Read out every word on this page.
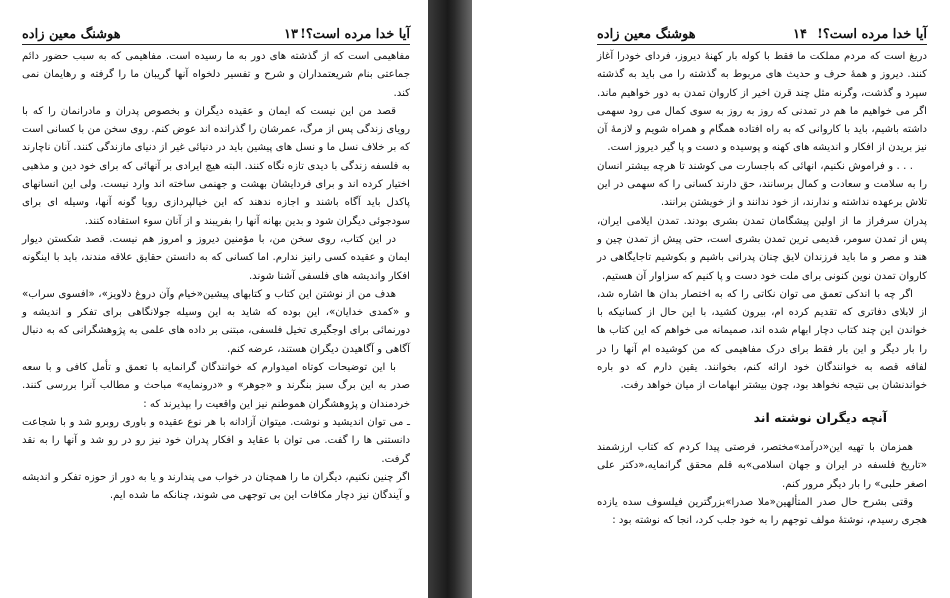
آیا خدا مرده است؟!
۱۳
هوشنگ معین زاده

مفاهیمی است که از گذشته های دور به ما رسیده است. مفاهیمی که به سبب حضور دائم جماعتی بنام شریعتمداران و شرح و تفسیر دلخواه آنها گریبان ما را گرفته و رهایمان نمی کند.

قصد من این نیست که ایمان و عقیده دیگران و بخصوص پدران و مادرانمان را که با رویای زندگی پس از مرگ، عمرشان را گذرانده اند عوض کنم. روی سخن من با کسانی است که بر خلاف نسل ما و نسل های پیشین باید در دنیائی غیر از دنیای مازندگی کنند. آنان ناچارند به فلسفه زندگی با دیدی تازه نگاه کنند. البته هیچ ایرادی بر آنهائی که برای خود دین و مذهبی اختیار کرده اند و برای فردایشان بهشت و جهنمی ساخته اند وارد نیست. ولی این انسانهای پاکدل باید آگاه باشند و اجازه ندهند که این خیالپردازی رویا گونه آنها، وسیله ای برای سودجوئی دیگران شود و بدین بهانه آنها را بفریبند و از آنان سوء استفاده کنند.

در این کتاب، روی سخن من، با مؤمنین دیروز و امروز هم نیست. قصد شکستن دیوار ایمان و عقیده کسی رانیز ندارم. اما کسانی که به دانستن حقایق علاقه مندند، باید با اینگونه افکار واندیشه های فلسفی آشنا شوند.

هدف من از نوشتن این کتاب و کتابهای پیشین«خیام وآن دروغ دلاویز»، «افسوی سراب» و «کمدی خدایان»، این بوده که شاید به این وسیله جولانگاهی برای تفکر و اندیشه و دورنمائی برای اوجگیری تخیل فلسفی، مبتنی بر داده های علمی به پژوهشگرانی که به دنبال آگاهی و آگاهیدن دیگران هستند، عرضه کنم.

با این توضیحات کوتاه امیدوارم که خوانندگان گرانمایه با تعمق و تأمل کافی و با سعه صدر به این برگ سبز بنگرند و «جوهر» و «درونمایه» مباحث و مطالب آنرا بررسی کنند. خردمندان و پژوهشگران هموطنم نیز این واقعیت را بپذیرند که :

ـ می توان اندیشید و نوشت. میتوان آزادانه با هر نوع عقیده و باوری روبرو شد و با شجاعت دانستنی ها را گفت. می توان با عقاید و افکار پدران خود نیز رو در رو شد و آنها را به نقد گرفت.

اگر چنین نکنیم، دیگران ما را همچنان در خواب می پندارند و یا به دور از حوزه تفکر و اندیشه و آیندگان نیز دچار مکافات این بی توجهی می شوند، چنانکه ما شده ایم.

آیا خدا مرده است؟!
۱۴
هوشنگ معین زاده

دریغ است که مردم مملکت ما فقط با کوله بار کهنهٔ دیروز، فردای خودرا آغاز کنند. دیروز و همهٔ حرف و حدیث های مربوط به گذشته را می باید به گذشته سپرد و گذشت، وگرنه مثل چند قرن اخیر از کاروان تمدن به دور خواهیم ماند. اگر می خواهیم ما هم در تمدنی که روز به روز به سوی کمال می رود سهمی داشته باشیم، باید با کاروانی که به راه افتاده همگام و همراه شویم و لازمهٔ آن نیز بریدن از افکار و اندیشه های کهنه و پوسیده و دست و پا گیر دیروز است.

. . . و فراموش نکنیم، انهائی که باجسارت می کوشند تا هرچه بیشتر انسان را به سلامت و سعادت و کمال برسانند، حق دارند کسانی را که سهمی در این تلاش برعهده نداشته و ندارند، از خود ندانند و از خویشتن برانند.

پدران سرفراز ما از اولین پیشگامان تمدن بشری بودند. تمدن ایلامی ایران، پس از تمدن سومر، قدیمی ترین تمدن بشری است، حتی پیش از تمدن چین و هند و مصر و ما باید فرزندان لایق چنان پدرانی باشیم و بکوشیم تاجایگاهی در کاروان تمدن نوین کنونی برای ملت خود دست و پا کنیم که سزاوار آن هستیم.

اگر چه با اندکی تعمق می توان نکاتی را که به اختصار بدان ها اشاره شد، از لابلای دفاتری که تقدیم کرده ام، بیرون کشید، با این حال از کسانیکه با خواندن این چند کتاب دچار ابهام شده اند، صمیمانه می خواهم که این کتاب ها را بار دیگر و این بار فقط برای درک مفاهیمی که من کوشیده ام آنها را در لفافه قصه به خوانندگان خود ارائه کنم، بخوانند. یقین دارم که دو باره خواندنشان بی نتیجه نخواهد بود، چون بیشتر ابهامات از میان خواهد رفت.

آنچه دیگران نوشته اند

همزمان با تهیه این«درآمد»مختصر، فرصتی پیدا کردم که کتاب ارزشمند «تاریخ فلسفه در ایران و جهان اسلامی»به قلم محقق گرانمایه،«دکتر علی اصغر حلبی» را بار دیگر مرور کنم.

وقتی بشرح حال صدر المتألهین«ملا صدرا»بزرگترین فیلسوف سده یازده هجری رسیدم، نوشتهٔ مولف توجهم را به خود جلب کرد، انجا که نوشته بود :
